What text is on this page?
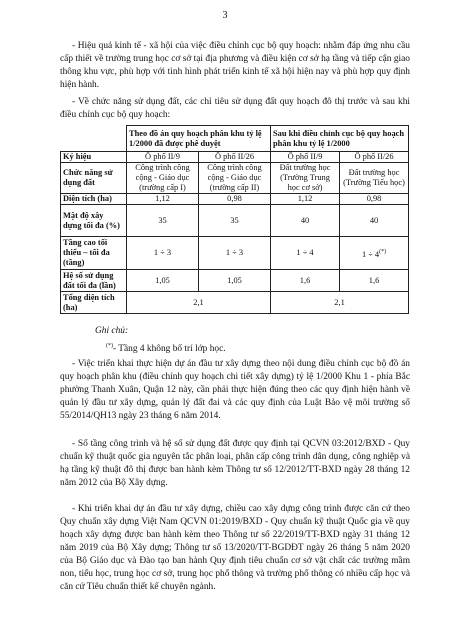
3

- Hiệu quả kinh tế - xã hội của việc điều chỉnh cục bộ quy hoạch: nhằm đáp ứng nhu cầu cấp thiết về trường trung học cơ sở tại địa phương và điều kiện cơ sở hạ tầng và tiếp cận giao thông khu vực, phù hợp với tình hình phát triển kinh tế xã hội hiện nay và phù hợp quy định hiện hành.

- Về chức năng sử dụng đất, các chỉ tiêu sử dụng đất quy hoạch đô thị trước và sau khi điều chỉnh cục bộ quy hoạch:

	Theo đồ án quy hoạch phân khu tỷ lệ 1/2000 đã được phê duyệt		Sau khi điều chỉnh cục bộ quy hoạch phân khu tỷ lệ 1/2000	
Ký hiệu	Ô phố II/9	Ô phố II/26	Ô phố II/9	Ô phố II/26
Chức năng sử dụng đất	Công trình công cộng - Giáo dục (trường cấp I)	Công trình công cộng - Giáo dục (trường cấp II)	Đất trường học (Trường Trung học cơ sở)	Đất trường học (Trường Tiểu học)
Diện tích (ha)	1,12	0,98	1,12	0,98
Mật độ xây dựng tối đa (%)	35	35	40	40
Tầng cao tối thiểu – tối đa (tầng)	1 ÷ 3	1 ÷ 3	1 ÷ 4	1 ÷ 4(*)
Hệ số sử dụng đất tối đa (lần)	1,05	1,05	1,6	1,6
Tổng diện tích (ha)	2,1		2,1	
Ghi chú:

(*)- Tầng 4 không bố trí lớp học.

- Việc triển khai thực hiện dự án đầu tư xây dựng theo nội dung điều chỉnh cục bộ đồ án quy hoạch phân khu (điều chỉnh quy hoạch chi tiết xây dựng) tỷ lệ 1/2000 Khu 1 - phía Bắc phường Thanh Xuân, Quận 12 này, cần phải thực hiện đúng theo các quy định hiện hành về quản lý đầu tư xây dựng, quản lý đất đai và các quy định của Luật Bảo vệ môi trường số 55/2014/QH13 ngày 23 tháng 6 năm 2014.

- Số tầng công trình và hệ số sử dụng đất được quy định tại QCVN 03:2012/BXD - Quy chuẩn kỹ thuật quốc gia nguyên tắc phân loại, phân cấp công trình dân dụng, công nghiệp và hạ tầng kỹ thuật đô thị được ban hành kèm Thông tư số 12/2012/TT-BXD ngày 28 tháng 12 năm 2012 của Bộ Xây dựng.

- Khi triển khai dự án đầu tư xây dựng, chiều cao xây dựng công trình được căn cứ theo Quy chuẩn xây dựng Việt Nam QCVN 01:2019/BXD - Quy chuẩn kỹ thuật Quốc gia về quy hoạch xây dựng được ban hành kèm theo Thông tư số 22/2019/TT-BXD ngày 31 tháng 12 năm 2019 của Bộ Xây dựng; Thông tư số 13/2020/TT-BGDĐT ngày 26 tháng 5 năm 2020 của Bộ Giáo dục và Đào tạo ban hành Quy định tiêu chuẩn cơ sở vật chất các trường mầm non, tiểu học, trung học cơ sở, trung học phổ thông và trường phổ thông có nhiều cấp học và căn cứ Tiêu chuẩn thiết kế chuyên ngành.
